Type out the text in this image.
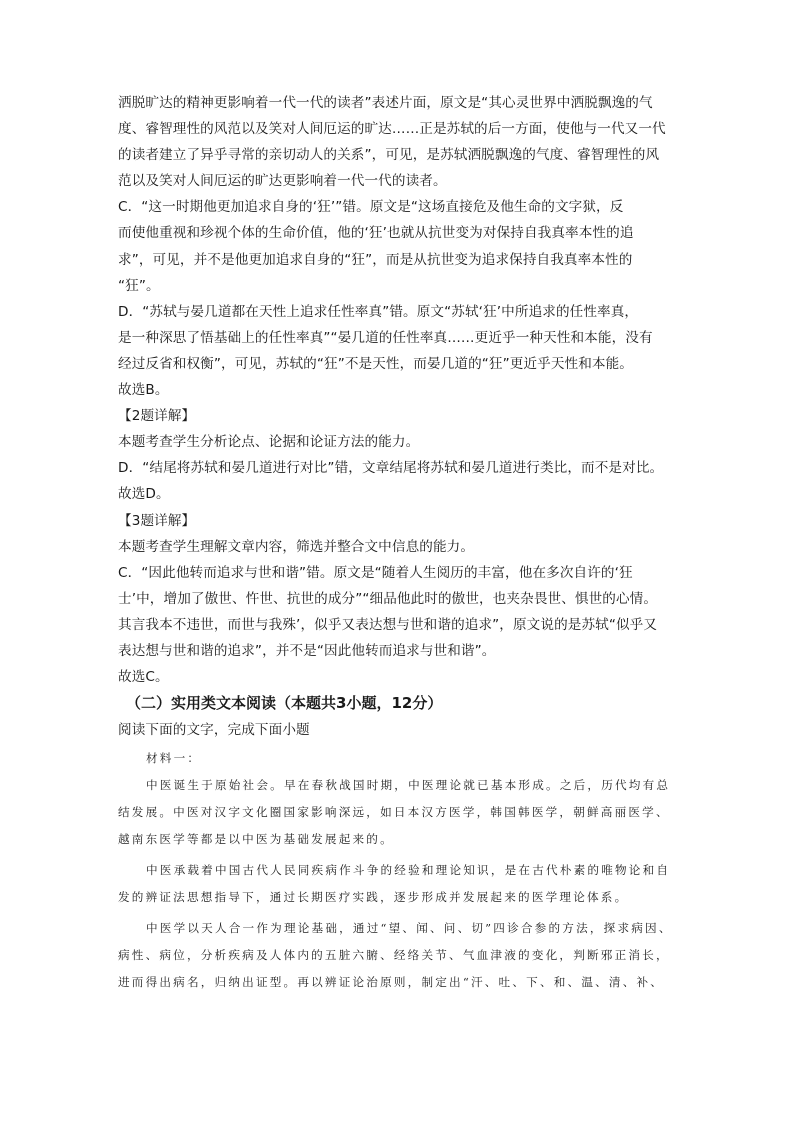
洒脱旷达的精神更影响着一代一代的读者”表述片面，原文是“其心灵世界中洒脱飘逸的气
度、睿智理性的风范以及笑对人间厄运的旷达……正是苏轼的后一方面，使他与一代又一代
的读者建立了异乎寻常的亲切动人的关系”，可见，是苏轼洒脱飘逸的气度、睿智理性的风
范以及笑对人间厄运的旷达更影响着一代一代的读者。
C．“这一时期他更加追求自身的‘狂’”错。原文是“这场直接危及他生命的文字狱，反
而使他重视和珍视个体的生命价值，他的‘狂’也就从抗世变为对保持自我真率本性的追
求”，可见，并不是他更加追求自身的“狂”，而是从抗世变为追求保持自我真率本性的
“狂”。
D．“苏轼与晏几道都在天性上追求任性率真”错。原文“苏轼‘狂’中所追求的任性率真，
是一种深思了悟基础上的任性率真”“晏几道的任性率真……更近乎一种天性和本能，没有
经过反省和权衡”，可见，苏轼的“狂”不是天性，而晏几道的“狂”更近乎天性和本能。
故选B。
【2题详解】
本题考查学生分析论点、论据和论证方法的能力。
D．“结尾将苏轼和晏几道进行对比”错，文章结尾将苏轼和晏几道进行类比，而不是对比。
故选D。
【3题详解】
本题考查学生理解文章内容，筛选并整合文中信息的能力。
C．“因此他转而追求与世和谐”错。原文是“随着人生阅历的丰富，他在多次自许的‘狂
士’中，增加了傲世、忤世、抗世的成分”“细品他此时的傲世，也夹杂畏世、惧世的心情。
其言我本不违世，而世与我殊’，似乎又表达想与世和谐的追求”，原文说的是苏轼“似乎又
表达想与世和谐的追求”，并不是“因此他转而追求与世和谐”。
故选C。
（二）实用类文本阅读（本题共3小题，12分）
阅读下面的文字，完成下面小题
材料一：
中医诞生于原始社会。早在春秋战国时期，中医理论就已基本形成。之后，历代均有总
结发展。中医对汉字文化圈国家影响深远，如日本汉方医学，韩国韩医学，朝鲜高丽医学、
越南东医学等都是以中医为基础发展起来的。
中医承载着中国古代人民同疾病作斗争的经验和理论知识，是在古代朴素的唯物论和自
发的辨证法思想指导下，通过长期医疗实践，逐步形成并发展起来的医学理论体系。
中医学以天人合一作为理论基础，通过“望、闻、问、切”四诊合参的方法，探求病因、
病性、病位，分析疾病及人体内的五脏六腑、经络关节、气血津液的变化，判断邪正消长，
进而得出病名，归纳出证型。再以辨证论治原则，制定出“汗、吐、下、和、温、清、补、
